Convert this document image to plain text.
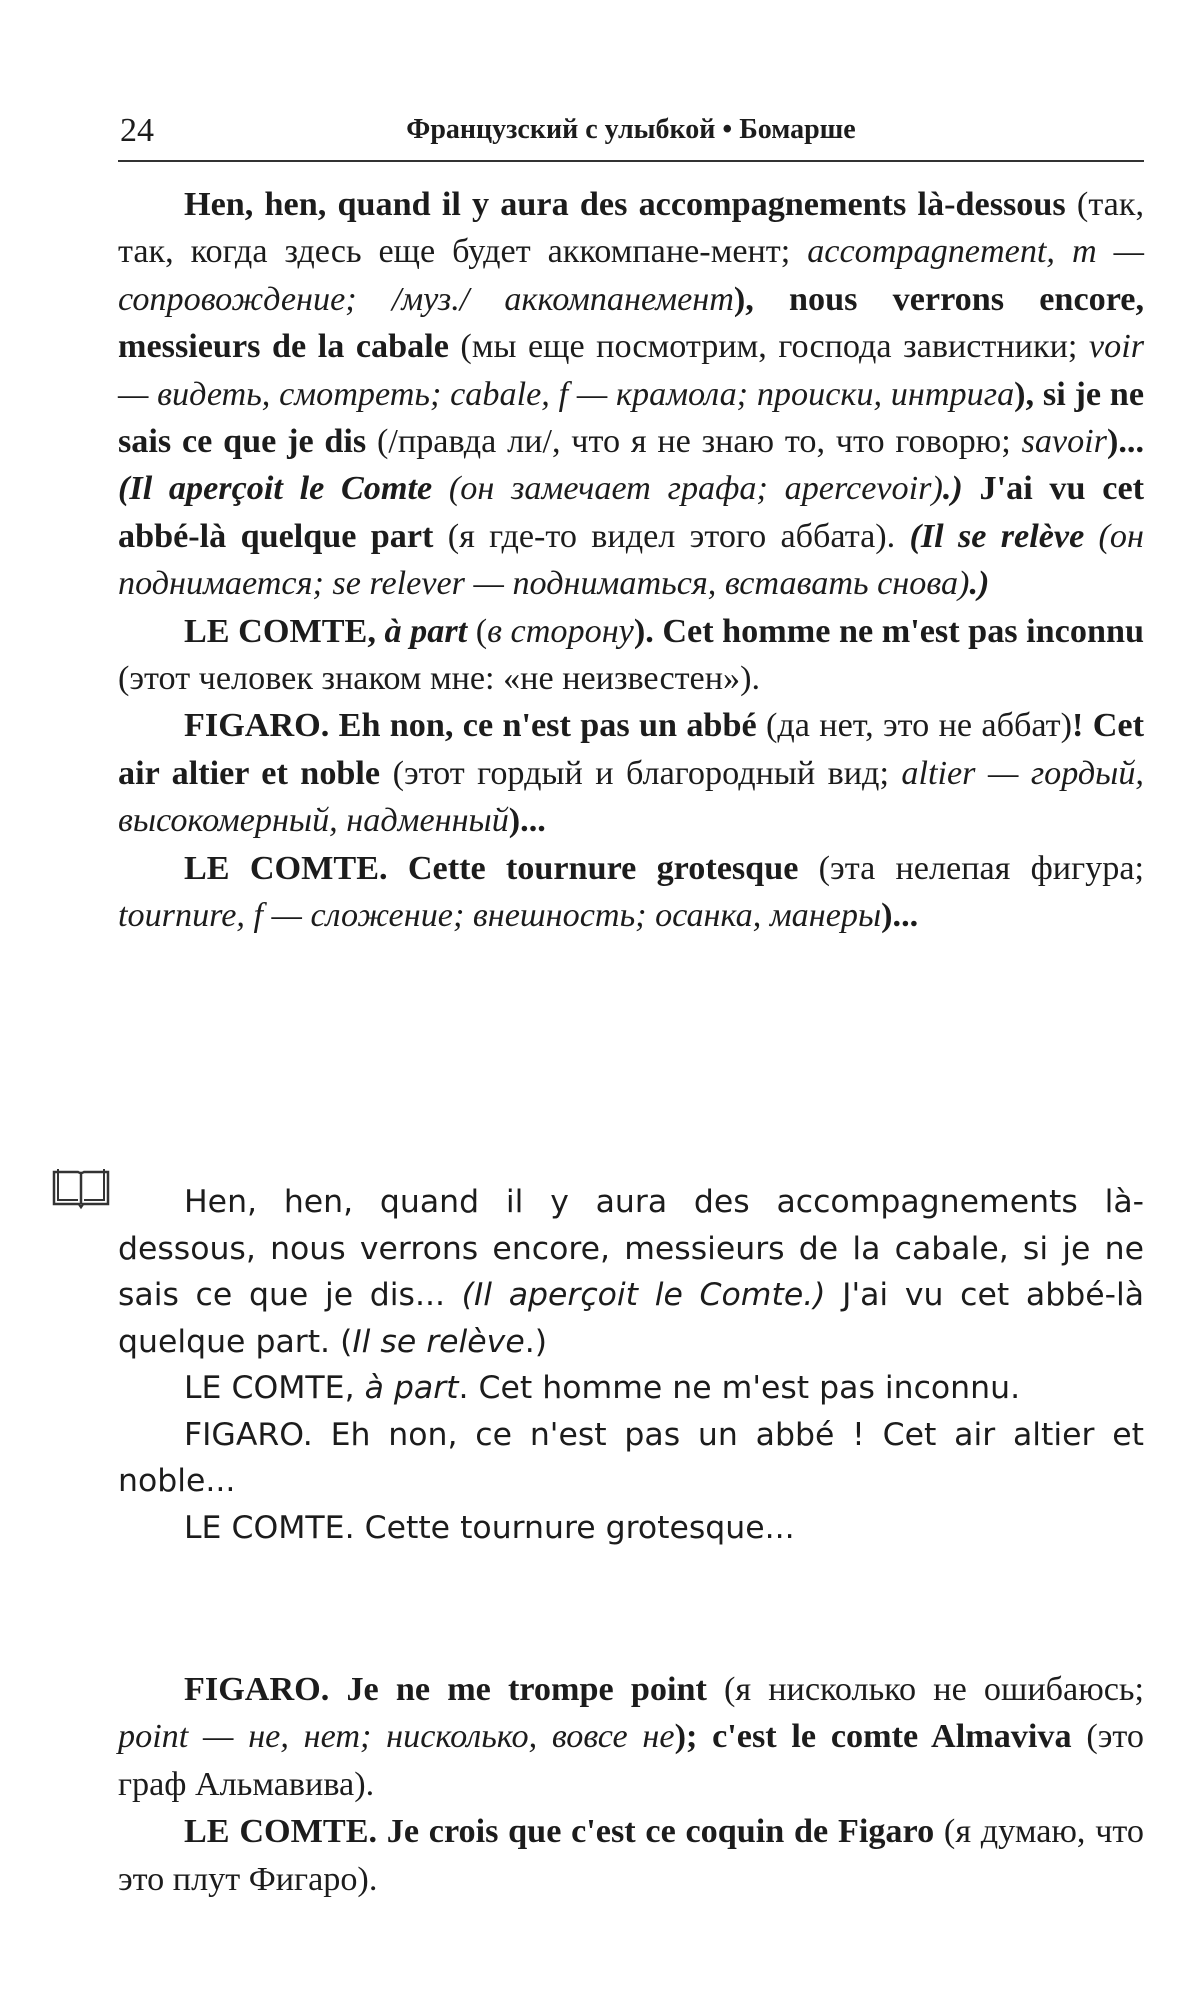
24	Французский с улыбкой • Бомарше

Hen, hen, quand il y aura des accompagnements là-dessous (так, так, когда здесь еще будет аккомпане-мент; accompagnement, m — сопровождение; /муз./ аккомпанемент), nous verrons encore, messieurs de la cabale (мы еще посмотрим, господа завистники; voir — видеть, смотреть; cabale, f — крамола; происки, интрига), si je ne sais ce que je dis (/правда ли/, что я не знаю то, что говорю; savoir)... (Il aperçoit le Comte (он замечает графа; apercevoir).) J'ai vu cet abbé-là quelque part (я где-то видел этого аббата). (Il se relève (он поднимается; se relever — подниматься, вставать снова).)

LE COMTE, à part (в сторону). Cet homme ne m'est pas inconnu (этот человек знаком мне: «не неизвестен»).

FIGARO. Eh non, ce n'est pas un abbé (да нет, это не аббат)! Cet air altier et noble (этот гордый и благородный вид; altier — гордый, высокомерный, надменный)...

LE COMTE. Cette tournure grotesque (эта нелепая фигура; tournure, f — сложение; внешность; осанка, манеры)...

Hen, hen, quand il y aura des accompagnements là-dessous, nous verrons encore, messieurs de la cabale, si je ne sais ce que je dis... (Il aperçoit le Comte.) J'ai vu cet abbé-là quelque part. (Il se relève.)
LE COMTE, à part. Cet homme ne m'est pas inconnu.
FIGARO. Eh non, ce n'est pas un abbé ! Cet air altier et noble...
LE COMTE. Cette tournure grotesque...

FIGARO. Je ne me trompe point (я нисколько не ошибаюсь; point — не, нет; нисколько, вовсе не); c'est le comte Almaviva (это граф Альмавива).

LE COMTE. Je crois que c'est ce coquin de Figaro (я думаю, что это плут Фигаро).
